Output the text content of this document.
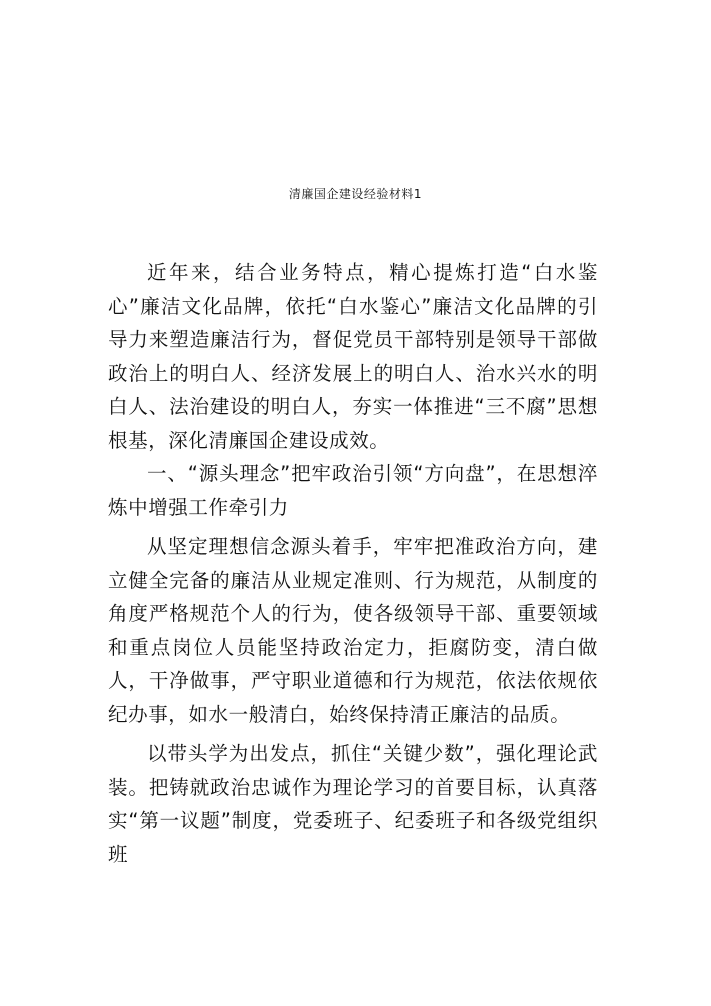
清廉国企建设经验材料1

近年来，结合业务特点，精心提炼打造“白水鉴心”廉洁文化品牌，依托“白水鉴心”廉洁文化品牌的引导力来塑造廉洁行为，督促党员干部特别是领导干部做政治上的明白人、经济发展上的明白人、治水兴水的明白人、法治建设的明白人，夯实一体推进“三不腐”思想根基，深化清廉国企建设成效。

一、“源头理念”把牢政治引领“方向盘”，在思想淬炼中增强工作牵引力

从坚定理想信念源头着手，牢牢把准政治方向，建立健全完备的廉洁从业规定准则、行为规范，从制度的角度严格规范个人的行为，使各级领导干部、重要领域和重点岗位人员能坚持政治定力，拒腐防变，清白做人，干净做事，严守职业道德和行为规范，依法依规依纪办事，如水一般清白，始终保持清正廉洁的品质。

以带头学为出发点，抓住“关键少数”，强化理论武装。把铸就政治忠诚作为理论学习的首要目标，认真落实“第一议题”制度，党委班子、纪委班子和各级党组织班
